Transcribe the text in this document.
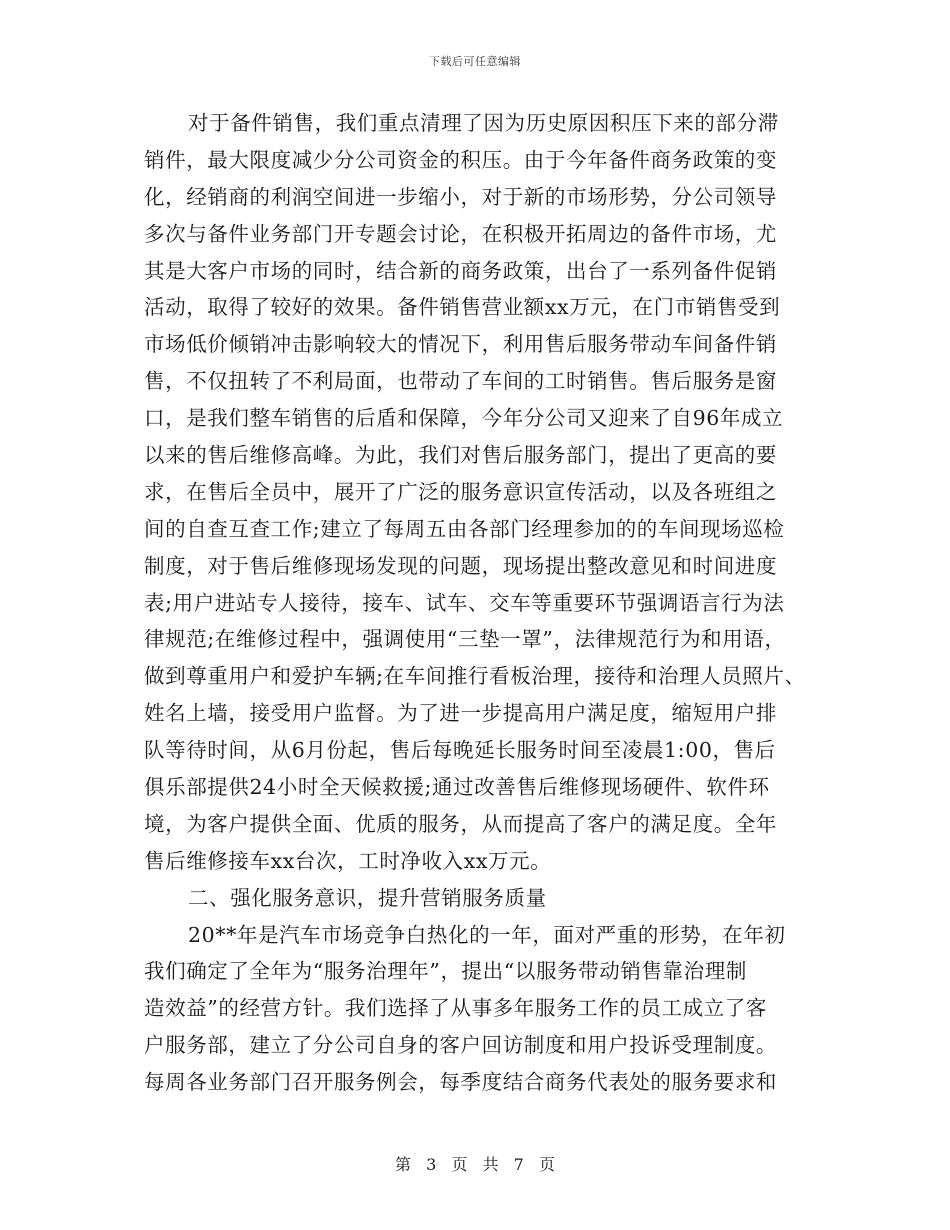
下载后可任意编辑
对于备件销售，我们重点清理了因为历史原因积压下来的部分滞
销件，最大限度减少分公司资金的积压。由于今年备件商务政策的变
化，经销商的利润空间进一步缩小，对于新的市场形势，分公司领导
多次与备件业务部门开专题会讨论，在积极开拓周边的备件市场，尤
其是大客户市场的同时，结合新的商务政策，出台了一系列备件促销
活动，取得了较好的效果。备件销售营业额xx万元，在门市销售受到
市场低价倾销冲击影响较大的情况下，利用售后服务带动车间备件销
售，不仅扭转了不利局面，也带动了车间的工时销售。售后服务是窗
口，是我们整车销售的后盾和保障，今年分公司又迎来了自96年成立
以来的售后维修高峰。为此，我们对售后服务部门，提出了更高的要
求，在售后全员中，展开了广泛的服务意识宣传活动，以及各班组之
间的自查互查工作;建立了每周五由各部门经理参加的的车间现场巡检
制度，对于售后维修现场发现的问题，现场提出整改意见和时间进度
表;用户进站专人接待，接车、试车、交车等重要环节强调语言行为法
律规范;在维修过程中，强调使用“三垫一罩”，法律规范行为和用语，
做到尊重用户和爱护车辆;在车间推行看板治理，接待和治理人员照片、
姓名上墙，接受用户监督。为了进一步提高用户满足度，缩短用户排
队等待时间，从6月份起，售后每晚延长服务时间至凌晨1:00，售后
俱乐部提供24小时全天候救援;通过改善售后维修现场硬件、软件环
境，为客户提供全面、优质的服务，从而提高了客户的满足度。全年
售后维修接车xx台次，工时净收入xx万元。
二、强化服务意识，提升营销服务质量
20**年是汽车市场竞争白热化的一年，面对严重的形势，在年初
我们确定了全年为“服务治理年”，提出“以服务带动销售靠治理制
造效益”的经营方针。我们选择了从事多年服务工作的员工成立了客
户服务部，建立了分公司自身的客户回访制度和用户投诉受理制度。
每周各业务部门召开服务例会，每季度结合商务代表处的服务要求和
第 3 页 共 7 页
